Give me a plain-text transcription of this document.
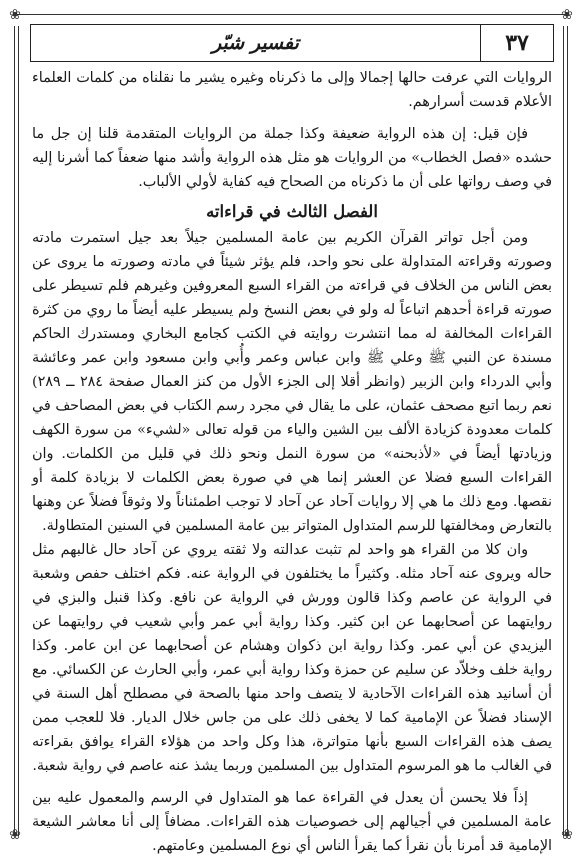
❀	❀
❀	❀
٣٧
تفسير شبّر

الروايات التي عرفت حالها إجمالا وإلى ما ذكرناه وغيره يشير ما نقلناه من كلمات العلماء الأعلام قدست أسرارهم.

فإن قيل: إن هذه الرواية ضعيفة وكذا جملة من الروايات المتقدمة قلنا إن جل ما حشده «فصل الخطاب» من الروايات هو مثل هذه الرواية وأشد منها ضعفاً كما أشرنا إليه في وصف رواتها على أن ما ذكرناه من الصحاح فيه كفاية لأولي الألباب.

الفصل الثالث في قراءاته

ومن أجل تواتر القرآن الكريم بين عامة المسلمين جيلاً بعد جيل استمرت مادته وصورته وقراءته المتداولة على نحو واحد، فلم يؤثر شيئاً في مادته وصورته ما يروى عن بعض الناس من الخلاف في قراءته من القراء السبع المعروفين وغيرهم فلم تسيطر على صورته قراءة أحدهم اتباعاً له ولو في بعض النسخ ولم يسيطر عليه أيضاً ما روي من كثرة القراءات المخالفة له مما انتشرت روايته في الكتب كجامع البخاري ومستدرك الحاكم مسندة عن النبي ﷺ وعلي ﷺ وابن عباس وعمر وأُبي وابن مسعود وابن عمر وعائشة وأبي الدرداء وابن الزبير (وانظر أقلا إلى الجزء الأول من كنز العمال صفحة ٢٨٤ ــ ٢٨٩) نعم ربما اتبع مصحف عثمان، على ما يقال في مجرد رسم الكتاب في بعض المصاحف في كلمات معدودة كزيادة الألف بين الشين والياء من قوله تعالى «لشيء» من سورة الكهف وزيادتها أيضاً في «لأذبحنه» من سورة النمل ونحو ذلك في قليل من الكلمات. وان القراءات السبع فضلا عن العشر إنما هي في صورة بعض الكلمات لا بزيادة كلمة أو نقصها. ومع ذلك ما هي إلا روايات آحاد عن آحاد لا توجب اطمئناناً ولا وثوقاً فضلاً عن وهنها بالتعارض ومخالفتها للرسم المتداول المتواتر بين عامة المسلمين في السنين المتطاولة.

وان كلا من القراء هو واحد لم تثبت عدالته ولا ثقته يروي عن آحاد حال غالبهم مثل حاله ويروى عنه آحاد مثله. وكثيراً ما يختلفون في الرواية عنه. فكم اختلف حفص وشعبة في الرواية عن عاصم وكذا قالون وورش في الرواية عن نافع. وكذا قنبل والبزي في روايتهما عن أصحابهما عن ابن كثير. وكذا رواية أبي عمر وأبي شعيب في روايتهما عن اليزيدي عن أبي عمر. وكذا رواية ابن ذكوان وهشام عن أصحابهما عن ابن عامر. وكذا رواية خلف وخلاّد عن سليم عن حمزة وكذا رواية أبي عمر، وأبي الحارث عن الكسائي. مع أن أسانيد هذه القراءات الآحادية لا يتصف واحد منها بالصحة في مصطلح أهل السنة في الإسناد فضلاً عن الإمامية كما لا يخفى ذلك على من جاس خلال الديار. فلا للعجب ممن يصف هذه القراءات السبع بأنها متواترة، هذا وكل واحد من هؤلاء القراء يوافق بقراءته في الغالب ما هو المرسوم المتداول بين المسلمين وربما يشذ عنه عاصم في رواية شعبة.

إذاً فلا يحسن أن يعدل في القراءة عما هو المتداول في الرسم والمعمول عليه بين عامة المسلمين في أجيالهم إلى خصوصيات هذه القراءات. مضافاً إلى أنا معاشر الشيعة الإمامية قد أمرنا بأن نقرأ كما يقرأ الناس أي نوع المسلمين وعامتهم.
